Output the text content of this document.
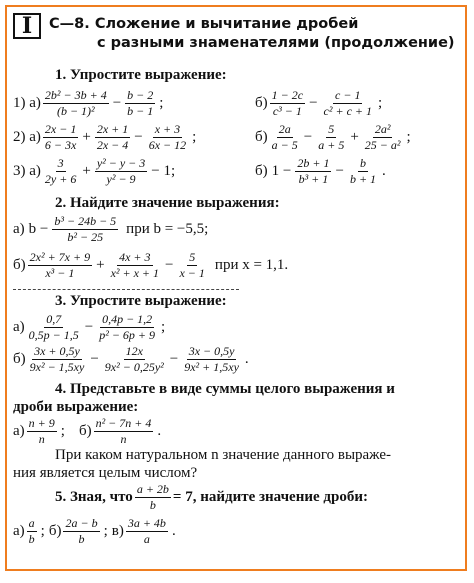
I С—8. Сложение и вычитание дробей
с разными знаменателями (продолжение)
1. Упростите выражение:
1) $а) \frac{\text{2b² − 3b + 4}}{\text{(b − 1)²}} - \frac{b - 2}{b - 1}$ ;	$б) \frac{1 - 2c}{\text{c³ − 1}} - \frac{c - 1}{\text{c² + c + 1}}$ ;
2) $а) \frac{2x - 1}{6 - 3x} + \frac{2x + 1}{2x - 4} - \frac{x + 3}{6x - 12}$ ;	$б) \frac{2a}{a - 5} - \frac{5}{a + 5} + \frac{\text{2a²}}{\text{25 − a²}}$ ;
3) $а) \frac{3}{2y + 6} + \frac{\text{y² − y − 3}}{\text{y² − 9}} - 1$;	б) $1 - \frac{2b + 1}{\text{b³ + 1}} - \frac{b}{b + 1}$ .
2. Найдите значение выражения:
а) $b - \frac{\text{b³ − 24b − 5}}{\text{b² − 25}}$ при b = −5,5;
$б) \frac{\text{2x² + 7x + 9}}{\text{x³ − 1}} + \frac{4x + 3}{\text{x² + x + 1}} - \frac{5}{x - 1}$ при x = 1,1.
3. Упростите выражение:
$а) \frac{0,7}{0,5p - 1,5} - \frac{0,4p - 1,2}{\text{p² − 6p + 9}}$ ;
$б) \frac{3x + 0,5y}{\text{9x² − 1,5xy}} - \frac{12x}{\text{9x² − 0,25y²}} - \frac{3x - 0,5y}{\text{9x² + 1,5xy}}$ .
4. Представьте в виде суммы целого выражения и
дроби выражение:
$а) \frac{n + 9}{n}$ ; $б) \frac{\text{n² − 7n + 4}}{n}$ .
При каком натуральном n значение данного выраже-
ния является целым числом?
5. Зная, что $\frac{a + 2b}{b} = 7$, найдите значение дроби:
$а) \frac{a}{b}$ ; $б) \frac{2a - b}{b}$ ; $в) \frac{3a + 4b}{a}$ .
